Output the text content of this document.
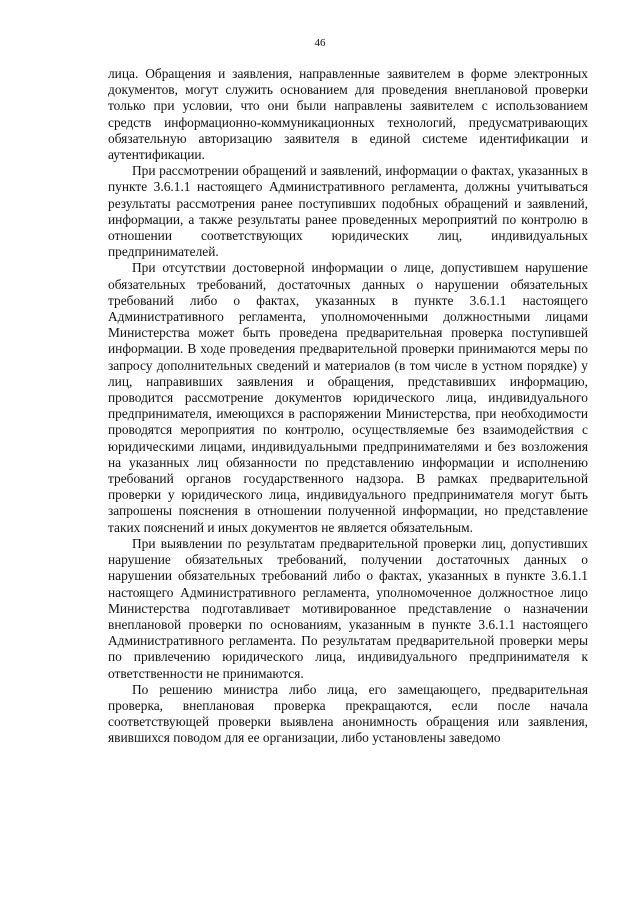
46

лица. Обращения и заявления, направленные заявителем в форме электронных документов, могут служить основанием для проведения внеплановой проверки только при условии, что они были направлены заявителем с использованием средств информационно-коммуникационных технологий, предусматривающих обязательную авторизацию заявителя в единой системе идентификации и аутентификации.

При рассмотрении обращений и заявлений, информации о фактах, указанных в пункте 3.6.1.1 настоящего Административного регламента, должны учитываться результаты рассмотрения ранее поступивших подобных обращений и заявлений, информации, а также результаты ранее проведенных мероприятий по контролю в отношении соответствующих юридических лиц, индивидуальных предпринимателей.

При отсутствии достоверной информации о лице, допустившем нарушение обязательных требований, достаточных данных о нарушении обязательных требований либо о фактах, указанных в пункте 3.6.1.1 настоящего Административного регламента, уполномоченными должностными лицами Министерства может быть проведена предварительная проверка поступившей информации. В ходе проведения предварительной проверки принимаются меры по запросу дополнительных сведений и материалов (в том числе в устном порядке) у лиц, направивших заявления и обращения, представивших информацию, проводится рассмотрение документов юридического лица, индивидуального предпринимателя, имеющихся в распоряжении Министерства, при необходимости проводятся мероприятия по контролю, осуществляемые без взаимодействия с юридическими лицами, индивидуальными предпринимателями и без возложения на указанных лиц обязанности по представлению информации и исполнению требований органов государственного надзора. В рамках предварительной проверки у юридического лица, индивидуального предпринимателя могут быть запрошены пояснения в отношении полученной информации, но представление таких пояснений и иных документов не является обязательным.

При выявлении по результатам предварительной проверки лиц, допустивших нарушение обязательных требований, получении достаточных данных о нарушении обязательных требований либо о фактах, указанных в пункте 3.6.1.1 настоящего Административного регламента, уполномоченное должностное лицо Министерства подготавливает мотивированное представление о назначении внеплановой проверки по основаниям, указанным в пункте 3.6.1.1 настоящего Административного регламента. По результатам предварительной проверки меры по привлечению юридического лица, индивидуального предпринимателя к ответственности не принимаются.

По решению министра либо лица, его замещающего, предварительная проверка, внеплановая проверка прекращаются, если после начала соответствующей проверки выявлена анонимность обращения или заявления, явившихся поводом для ее организации, либо установлены заведомо
